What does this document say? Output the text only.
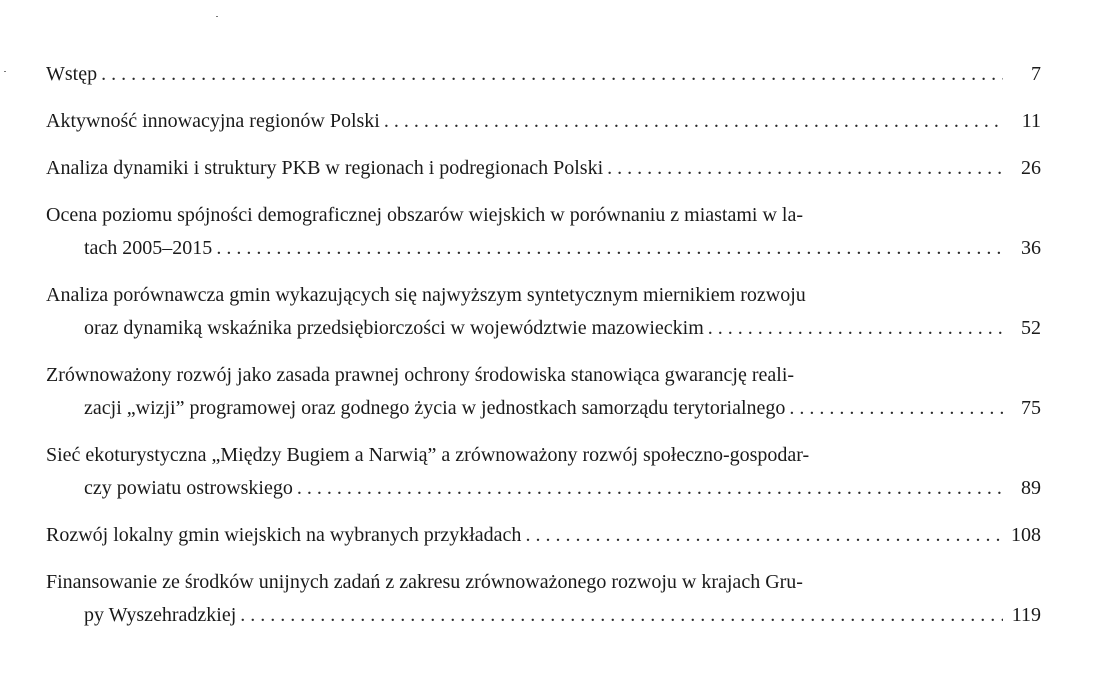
Wstęp . . .	7
Aktywność innowacyjna regionów Polski . . .	11
Analiza dynamiki i struktury PKB w regionach i podregionach Polski . . .	26
Ocena poziomu spójności demograficznej obszarów wiejskich w porównaniu z miastami w la-
tach 2005–2015 . . .	36
Analiza porównawcza gmin wykazujących się najwyższym syntetycznym miernikiem rozwoju
oraz dynamiką wskaźnika przedsiębiorczości w województwie mazowieckim . . .	52
Zrównoważony rozwój jako zasada prawnej ochrony środowiska stanowiąca gwarancję reali-
zacji „wizji” programowej oraz godnego życia w jednostkach samorządu terytorialnego . . .	75
Sieć ekoturystyczna „Między Bugiem a Narwią” a zrównoważony rozwój społeczno-gospodar-
czy powiatu ostrowskiego . . .	89
Rozwój lokalny gmin wiejskich na wybranych przykładach . . .	108
Finansowanie ze środków unijnych zadań z zakresu zrównoważonego rozwoju w krajach Gru-
py Wyszehradzkiej . . .	119
